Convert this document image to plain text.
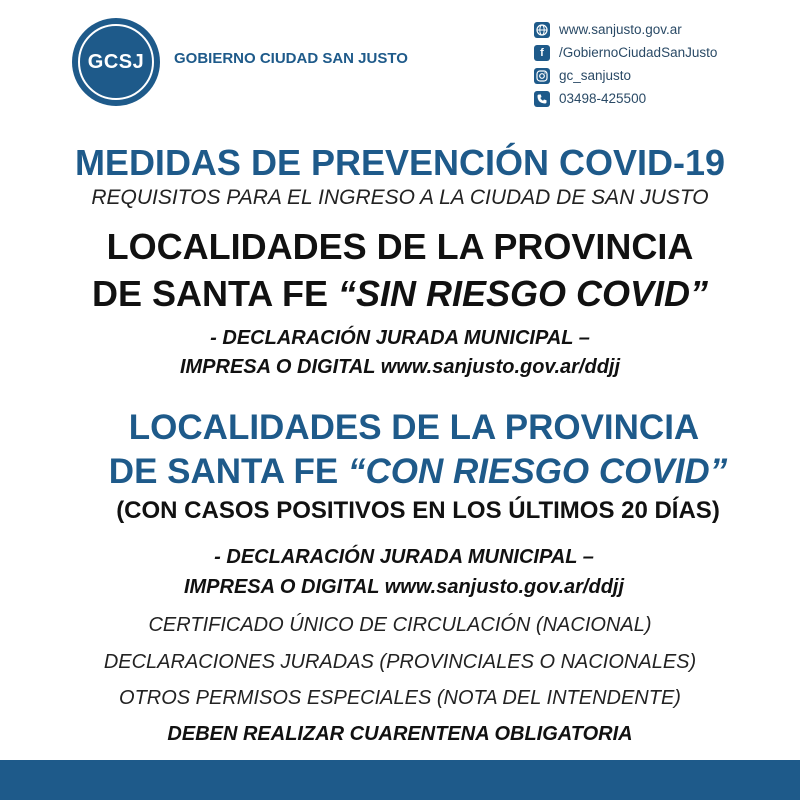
GCSJ GOBIERNO CIUDAD SAN JUSTO
www.sanjusto.gov.ar
f	/GobiernoCiudadSanJusto
gc_sanjusto
03498-425500
MEDIDAS DE PREVENCIÓN COVID-19
REQUISITOS PARA EL INGRESO A LA CIUDAD DE SAN JUSTO
LOCALIDADES DE LA PROVINCIA
DE SANTA FE “SIN RIESGO COVID”
- DECLARACIÓN JURADA MUNICIPAL –
IMPRESA O DIGITAL www.sanjusto.gov.ar/ddjj
LOCALIDADES DE LA PROVINCIA
DE SANTA FE “CON RIESGO COVID”
(CON CASOS POSITIVOS EN LOS ÚLTIMOS 20 DÍAS)
- DECLARACIÓN JURADA MUNICIPAL –
IMPRESA O DIGITAL www.sanjusto.gov.ar/ddjj
CERTIFICADO ÚNICO DE CIRCULACIÓN (NACIONAL)
DECLARACIONES JURADAS (PROVINCIALES O NACIONALES)
OTROS PERMISOS ESPECIALES (NOTA DEL INTENDENTE)
DEBEN REALIZAR CUARENTENA OBLIGATORIA
